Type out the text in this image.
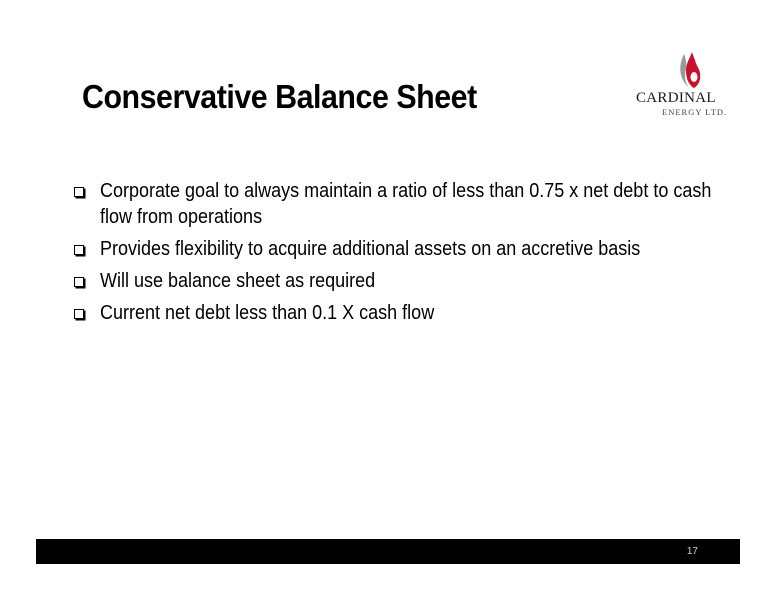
Conservative Balance Sheet	CARDINAL
ENERGY LTD.
Corporate goal to always maintain a ratio of less than 0.75 x net debt to cash flow from operations
Provides flexibility to acquire additional assets on an accretive basis
Will use balance sheet as required
Current net debt less than 0.1 X cash flow
17
